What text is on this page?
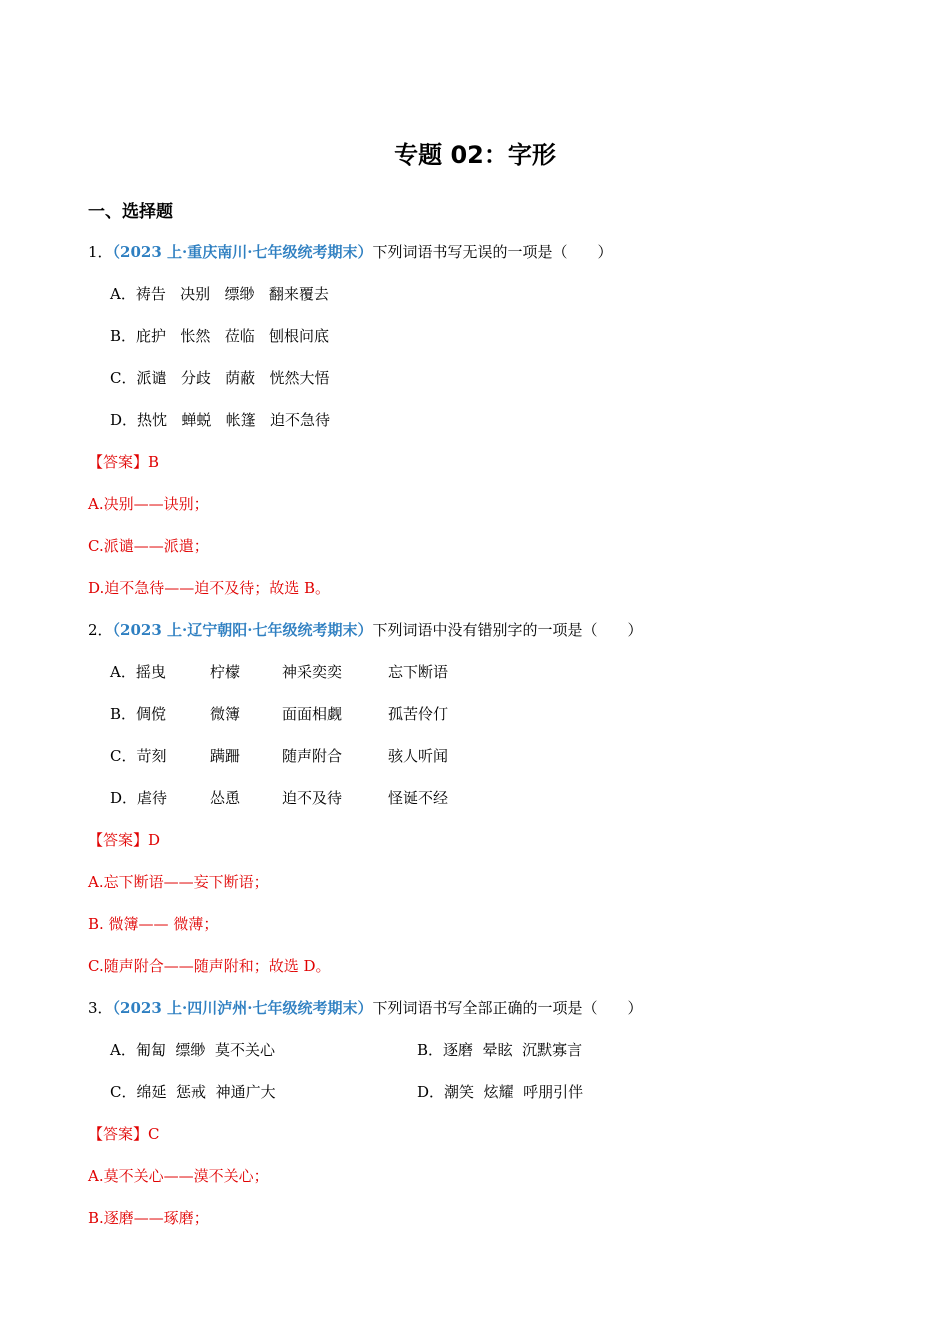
专题 02：字形
一、选择题
1．（2023 上·重庆南川·七年级统考期末）下列词语书写无误的一项是（　　）
A．祷告 决别 缥缈 翻来覆去
B．庇护 怅然 莅临 刨根问底
C．派谴 分歧 荫蔽 恍然大悟
D．热忱 蝉蜕 帐篷 迫不急待
【答案】B
A.决别——诀别；
C.派谴——派遣；
D.迫不急待——迫不及待；故选 B。
2．（2023 上·辽宁朝阳·七年级统考期末）下列词语中没有错别字的一项是（　　）
A．摇曳	柠檬	神采奕奕	忘下断语
B．倜傥	微簿	面面相觑	孤苦伶仃
C．苛刻	蹒跚	随声附合	骇人听闻
D．虐待	怂恿	迫不及待	怪诞不经
【答案】D
A.忘下断语——妄下断语；
B. 微簿—— 微薄；
C.随声附合——随声附和；故选 D。
3．（2023 上·四川泸州·七年级统考期末）下列词语书写全部正确的一项是（　　）
A．匍匐 缥缈 莫不关心	B．逐磨 晕眩 沉默寡言
C．绵延 惩戒 神通广大	D．潮笑 炫耀 呼朋引伴
【答案】C
A.莫不关心——漠不关心；
B.逐磨——琢磨；
